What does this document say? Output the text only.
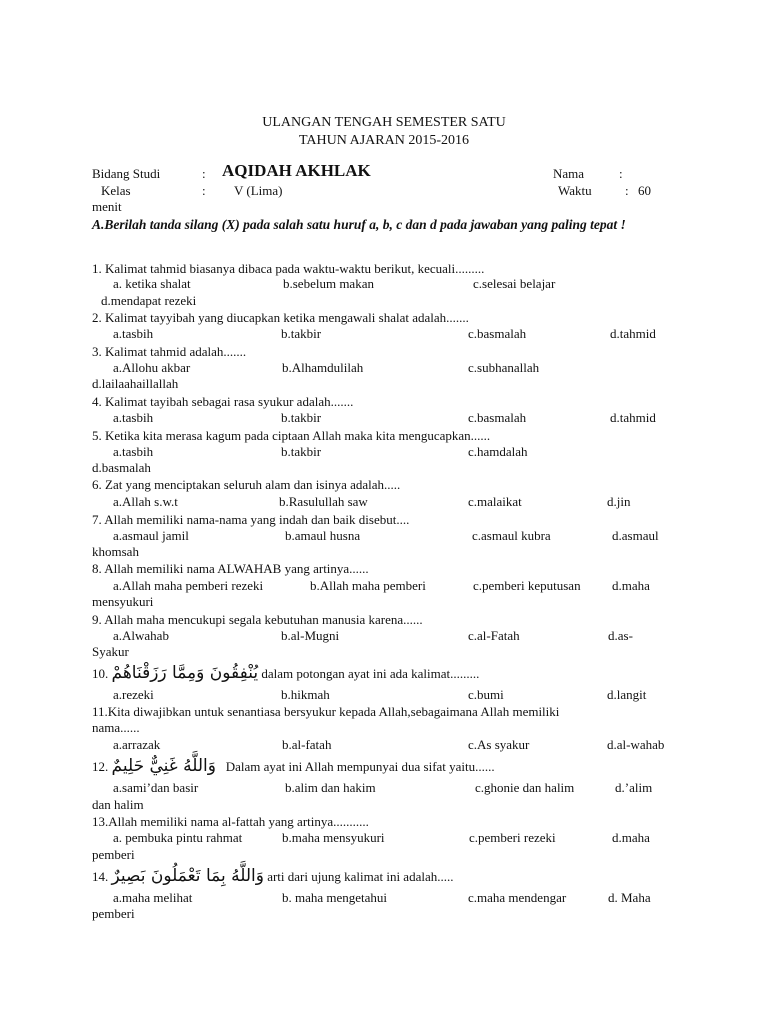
ULANGAN TENGAH SEMESTER SATU
TAHUN AJARAN 2015-2016
Bidang Studi	: AQIDAH AKHLAK	Nama	:
Kelas	: V (Lima)	Waktu	: 60
menit
A.Berilah tanda silang (X) pada salah satu huruf a, b, c dan d pada jawaban yang paling tepat !
1. Kalimat tahmid biasanya dibaca pada waktu-waktu berikut, kecuali.........
a. ketika shalat	b.sebelum makan	c.selesai belajar
d.mendapat rezeki
2. Kalimat tayyibah yang diucapkan ketika mengawali shalat adalah.......
a.tasbih	b.takbir	c.basmalah	d.tahmid
3. Kalimat tahmid adalah.......
a.Allohu akbar	b.Alhamdulilah	c.subhanallah
d.lailaahaillallah
4. Kalimat tayibah sebagai rasa syukur adalah.......
a.tasbih	b.takbir	c.basmalah	d.tahmid
5. Ketika kita merasa kagum pada ciptaan Allah maka kita mengucapkan......
a.tasbih	b.takbir	c.hamdalah
d.basmalah
6. Zat yang menciptakan seluruh alam dan isinya adalah.....
a.Allah s.w.t	b.Rasulullah saw	c.malaikat	d.jin
7. Allah memiliki nama-nama yang indah dan baik disebut....
a.asmaul jamil	b.amaul husna	c.asmaul kubra	d.asmaul
khomsah
8. Allah memiliki nama ALWAHAB yang artinya......
a.Allah maha pemberi rezeki	b.Allah maha pemberi	c.pemberi keputusan d.maha
mensyukuri
9. Allah maha mencukupi segala kebutuhan manusia karena......
a.Alwahab	b.al-Mugni	c.al-Fatah	d.as-
Syakur
10. يُنْفِقُونَ وَمِمَّا رَزَقْنَاهُمْ dalam potongan ayat ini ada kalimat.........
a.rezeki	b.hikmah	c.bumi	d.langit
11.Kita diwajibkan untuk senantiasa bersyukur kepada Allah,sebagaimana Allah memiliki
nama......
a.arrazak	b.al-fatah	c.As syakur	d.al-wahab
12. وَاللَّهُ غَنِيٌّ حَلِيمٌ Dalam ayat ini Allah mempunyai dua sifat yaitu......
a.sami’dan basir	b.alim dan hakim	c.ghonie dan halim	d.’alim
dan halim
13.Allah memiliki nama al-fattah yang artinya...........
a. pembuka pintu rahmat	b.maha mensyukuri	c.pemberi rezeki	d.maha
pemberi
14. وَاللَّهُ بِمَا تَعْمَلُونَ بَصِيرٌ arti dari ujung kalimat ini adalah.....
a.maha melihat	b. maha mengetahui	c.maha mendengar	d. Maha
pemberi
